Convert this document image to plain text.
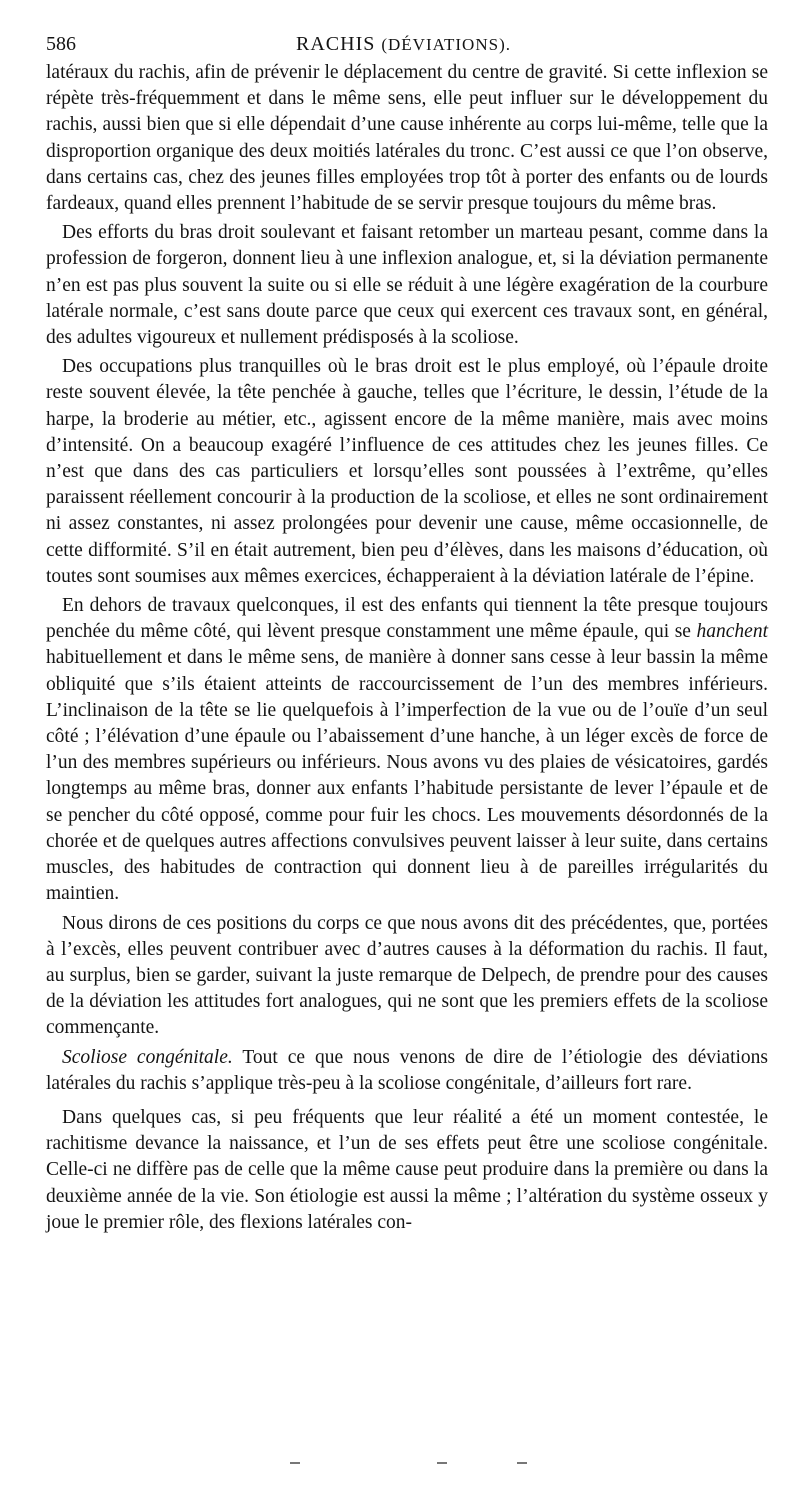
586	RACHIS (DÉVIATIONS).

latéraux du rachis, afin de prévenir le déplacement du centre de gravité. Si cette inflexion se répète très-fréquemment et dans le même sens, elle peut influer sur le développement du rachis, aussi bien que si elle dépendait d’une cause inhérente au corps lui-même, telle que la disproportion organique des deux moitiés latérales du tronc. C’est aussi ce que l’on observe, dans certains cas, chez des jeunes filles employées trop tôt à porter des enfants ou de lourds fardeaux, quand elles prennent l’habitude de se servir presque toujours du même bras.

Des efforts du bras droit soulevant et faisant retomber un marteau pesant, comme dans la profession de forgeron, donnent lieu à une inflexion analogue, et, si la déviation permanente n’en est pas plus souvent la suite ou si elle se réduit à une légère exagération de la courbure latérale normale, c’est sans doute parce que ceux qui exercent ces travaux sont, en général, des adultes vigoureux et nullement prédisposés à la scoliose.

Des occupations plus tranquilles où le bras droit est le plus employé, où l’épaule droite reste souvent élevée, la tête penchée à gauche, telles que l’écriture, le dessin, l’étude de la harpe, la broderie au métier, etc., agissent encore de la même manière, mais avec moins d’intensité. On a beaucoup exagéré l’influence de ces attitudes chez les jeunes filles. Ce n’est que dans des cas particuliers et lorsqu’elles sont poussées à l’extrême, qu’elles paraissent réellement concourir à la production de la scoliose, et elles ne sont ordinairement ni assez constantes, ni assez prolongées pour devenir une cause, même occasionnelle, de cette difformité. S’il en était autrement, bien peu d’élèves, dans les maisons d’éducation, où toutes sont soumises aux mêmes exercices, échapperaient à la déviation latérale de l’épine.

En dehors de travaux quelconques, il est des enfants qui tiennent la tête presque toujours penchée du même côté, qui lèvent presque constamment une même épaule, qui se hanchent habituellement et dans le même sens, de manière à donner sans cesse à leur bassin la même obliquité que s’ils étaient atteints de raccourcissement de l’un des membres inférieurs. L’inclinaison de la tête se lie quelquefois à l’imperfection de la vue ou de l’ouïe d’un seul côté ; l’élévation d’une épaule ou l’abaissement d’une hanche, à un léger excès de force de l’un des membres supérieurs ou inférieurs. Nous avons vu des plaies de vésicatoires, gardés longtemps au même bras, donner aux enfants l’habitude persistante de lever l’épaule et de se pencher du côté opposé, comme pour fuir les chocs. Les mouvements désordonnés de la chorée et de quelques autres affections convulsives peuvent laisser à leur suite, dans certains muscles, des habitudes de contraction qui donnent lieu à de pareilles irrégularités du maintien.

Nous dirons de ces positions du corps ce que nous avons dit des précédentes, que, portées à l’excès, elles peuvent contribuer avec d’autres causes à la déformation du rachis. Il faut, au surplus, bien se garder, suivant la juste remarque de Delpech, de prendre pour des causes de la déviation les attitudes fort analogues, qui ne sont que les premiers effets de la scoliose commençante.

Scoliose congénitale. Tout ce que nous venons de dire de l’étiologie des déviations latérales du rachis s’applique très-peu à la scoliose congénitale, d’ailleurs fort rare.

Dans quelques cas, si peu fréquents que leur réalité a été un moment contestée, le rachitisme devance la naissance, et l’un de ses effets peut être une scoliose congénitale. Celle-ci ne diffère pas de celle que la même cause peut produire dans la première ou dans la deuxième année de la vie. Son étiologie est aussi la même ; l’altération du système osseux y joue le premier rôle, des flexions latérales con-
